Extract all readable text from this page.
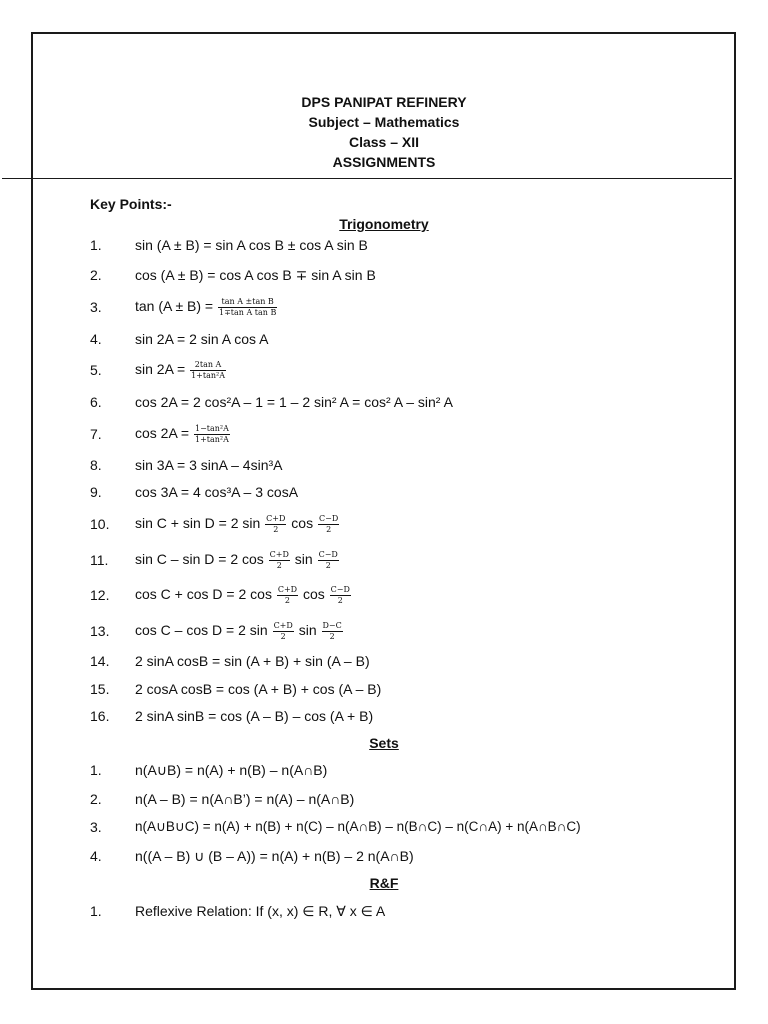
DPS PANIPAT REFINERY
Subject – Mathematics
Class – XII
ASSIGNMENTS
Key Points:-
Trigonometry
1.	sin (A ± B) = sin A cos B ± cos A sin B
2.	cos (A ± B) = cos A cos B ∓ sin A sin B
3.	$\tan (A \pm B) = \frac{\text{tan A ±tan B}}{\text{1∓tan A tan B}}$
4.	sin 2A = 2 sin A cos A
5.	$\sin 2A = \frac{\text{2tan A}}{\text{1+tan²A}}$
6.	cos 2A = 2 cos²A – 1 = 1 – 2 sin² A = cos² A – sin² A
7.	$\cos 2A = \frac{\text{1−tan²A}}{\text{1+tan²A}}$
8.	sin 3A = 3 sinA – 4sin³A
9.	cos 3A = 4 cos³A – 3 cosA
10.	sin C + sin D = 2 $\sin \frac{C+D}{2}$ $\cos \frac{C-D}{2}$
11.	sin C – sin D = 2 $\cos \frac{C+D}{2}$ $\sin \frac{C-D}{2}$
12.	cos C + cos D = 2 $\cos \frac{C+D}{2}$ $\cos \frac{C-D}{2}$
13.	cos C – cos D = 2 $\sin \frac{C+D}{2}$ $\sin \frac{D-C}{2}$
14.	2 sinA cosB = sin (A + B) + sin (A – B)
15.	2 cosA cosB = cos (A + B) + cos (A – B)
16.	2 sinA sinB = cos (A – B) – cos (A + B)
Sets
1.	n(A∪B) = n(A) + n(B) – n(A∩B)
2.	n(A – B) = n(A∩B’) = n(A) – n(A∩B)
3.	n(A∪B∪C) = n(A) + n(B) + n(C) – n(A∩B) – n(B∩C) – n(C∩A) + n(A∩B∩C)
4.	n((A – B) ∪ (B – A)) = n(A) + n(B) – 2 n(A∩B)
R&F
1.	Reflexive Relation: If (x, x) ∈ R, ∀ x ∈ A
